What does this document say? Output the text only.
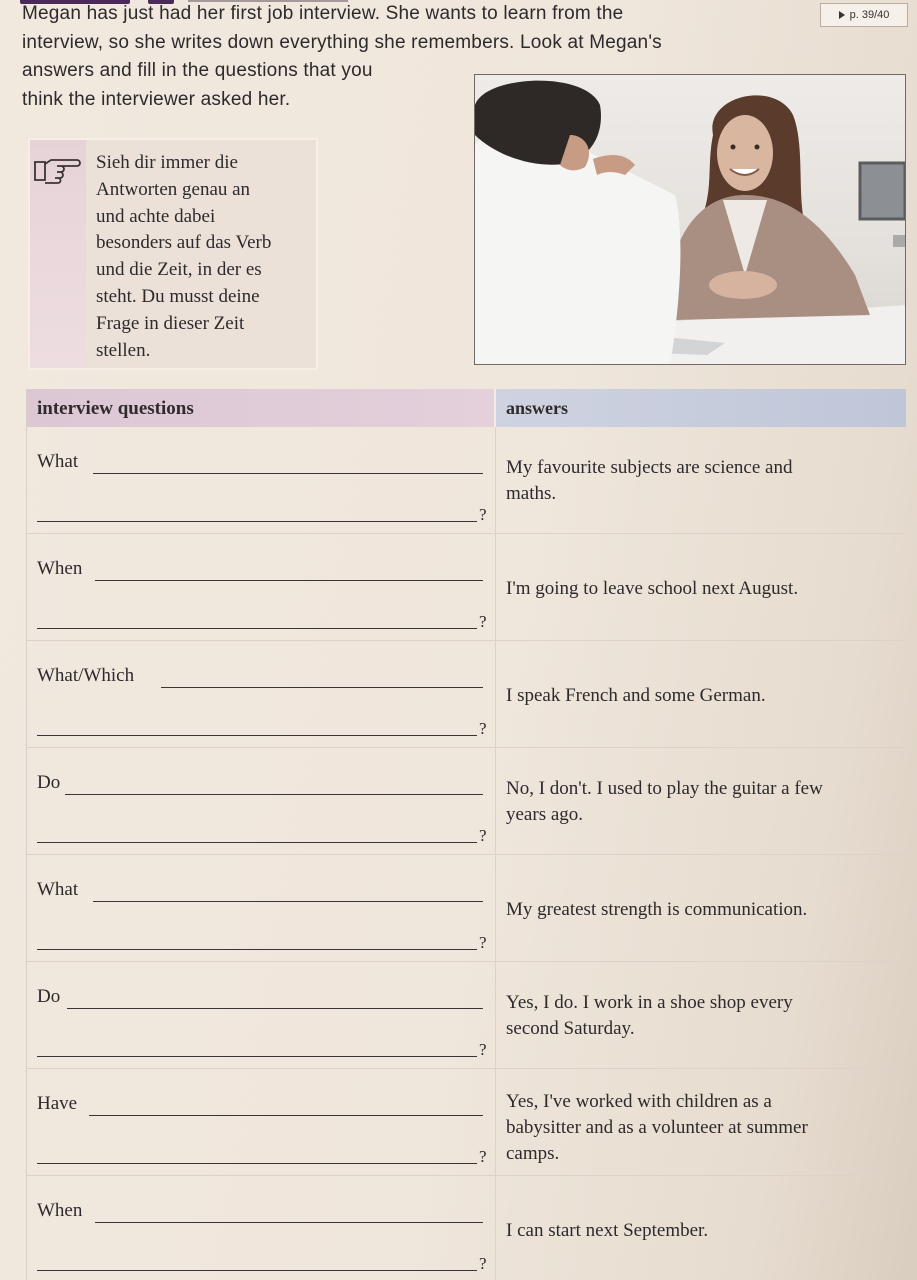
p. 39/40
Megan has just had her first job interview. She wants to learn from the
interview, so she writes down everything she remembers. Look at Megan's
answers and fill in the questions that you
think the interviewer asked her.
Sieh dir immer die
Antworten genau an
und achte dabei
besonders auf das Verb
und die Zeit, in der es
steht. Du musst deine
Frage in dieser Zeit
stellen.
interview questions	answers
What
?
My favourite subjects are science and
maths.
When
?
I'm going to leave school next August.
What/Which
?
I speak French and some German.
Do
?
No, I don't. I used to play the guitar a few
years ago.
What
?
My greatest strength is communication.
Do
?
Yes, I do. I work in a shoe shop every
second Saturday.
Have
?
Yes, I've worked with children as a
babysitter and as a volunteer at summer
camps.
When
?
I can start next September.
